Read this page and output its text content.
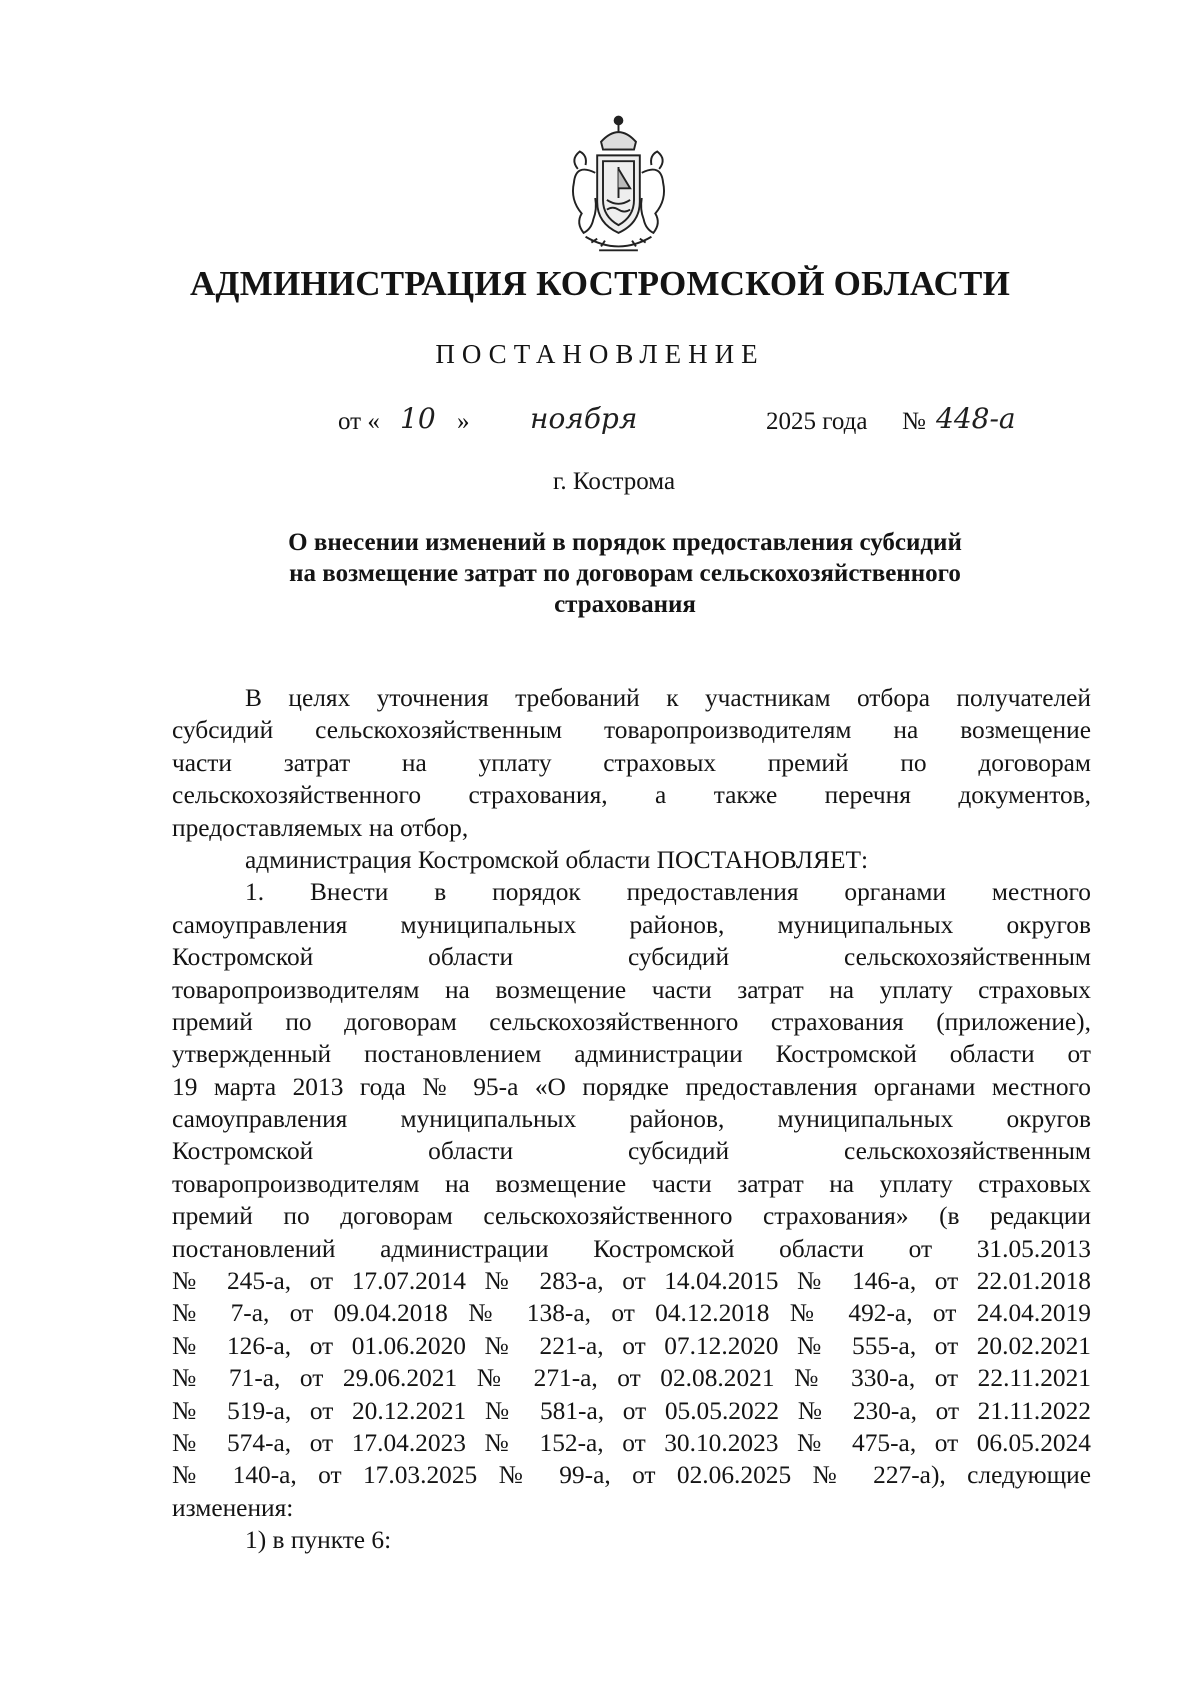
АДМИНИСТРАЦИЯ КОСТРОМСКОЙ ОБЛАСТИ
ПОСТАНОВЛЕНИЕ
от « 10 » ноября	2025 года № 448-а
г. Кострома
О внесении изменений в порядок предоставления субсидий
на возмещение затрат по договорам сельскохозяйственного
страхования
В целях уточнения требований к участникам отбора получателей
субсидий сельскохозяйственным товаропроизводителям на возмещение
части затрат на уплату страховых премий по договорам
сельскохозяйственного страхования, а также перечня документов,
предоставляемых на отбор,
администрация Костромской области ПОСТАНОВЛЯЕТ:
1. Внести в порядок предоставления органами местного
самоуправления муниципальных районов, муниципальных округов
Костромской области субсидий сельскохозяйственным
товаропроизводителям на возмещение части затрат на уплату страховых
премий по договорам сельскохозяйственного страхования (приложение),
утвержденный постановлением администрации Костромской области от
19 марта 2013 года № 95-а «О порядке предоставления органами местного
самоуправления муниципальных районов, муниципальных округов
Костромской области субсидий сельскохозяйственным
товаропроизводителям на возмещение части затрат на уплату страховых
премий по договорам сельскохозяйственного страхования» (в редакции
постановлений администрации Костромской области от 31.05.2013
№ 245-а, от 17.07.2014 № 283-а, от 14.04.2015 № 146-а, от 22.01.2018
№ 7-а, от 09.04.2018 № 138-а, от 04.12.2018 № 492-а, от 24.04.2019
№ 126-а, от 01.06.2020 № 221-а, от 07.12.2020 № 555-а, от 20.02.2021
№ 71-а, от 29.06.2021 № 271-а, от 02.08.2021 № 330-а, от 22.11.2021
№ 519-а, от 20.12.2021 № 581-а, от 05.05.2022 № 230-а, от 21.11.2022
№ 574-а, от 17.04.2023 № 152-а, от 30.10.2023 № 475-а, от 06.05.2024
№ 140-а, от 17.03.2025 № 99-а, от 02.06.2025 № 227-а), следующие
изменения:
1) в пункте 6:
